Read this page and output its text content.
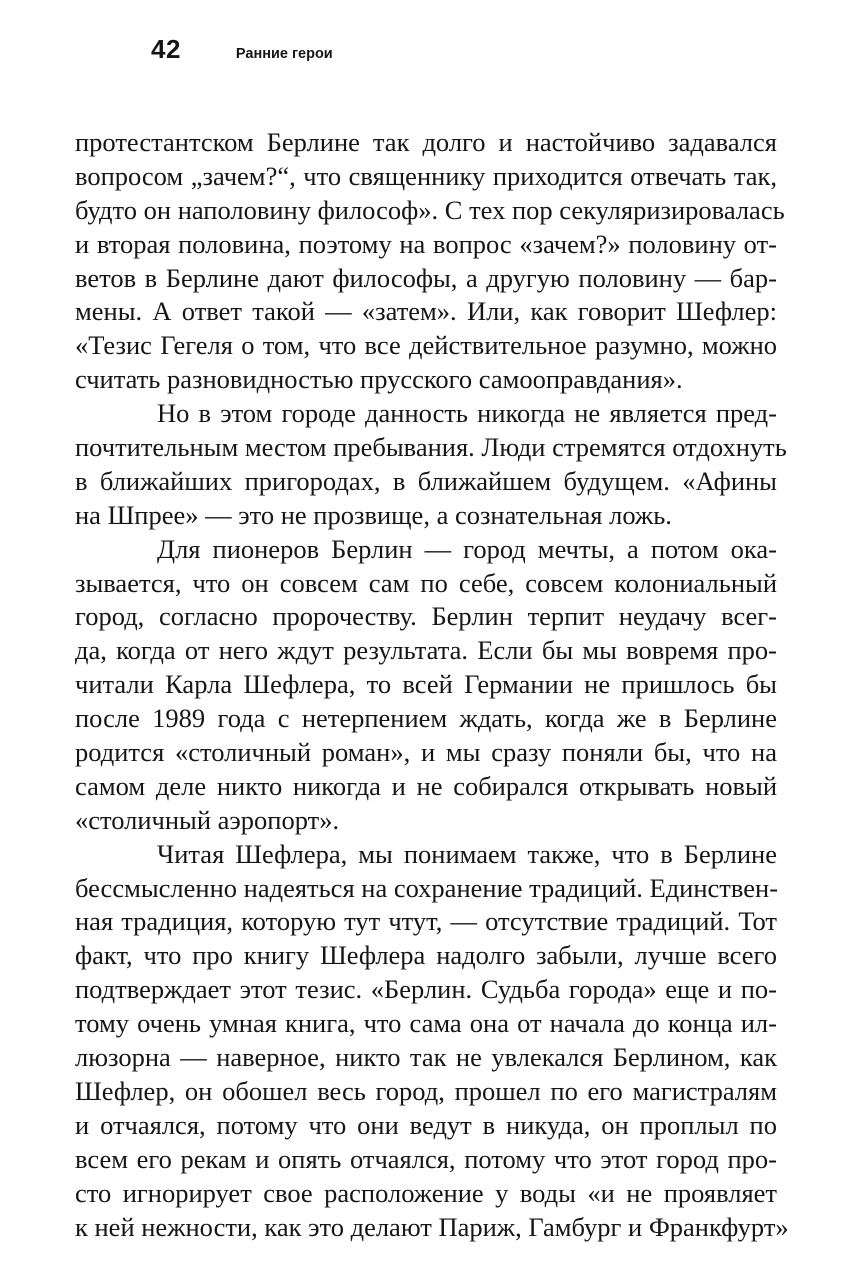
42	Ранние герои
протестантском Берлине так долго и настойчиво задавался
вопросом „зачем?“, что священнику приходится отвечать так,
будто он наполовину философ». С тех пор секуляризировалась
и вторая половина, поэтому на вопрос «зачем?» половину от-
ветов в Берлине дают философы, а другую половину — бар-
мены. А ответ такой — «затем». Или, как говорит Шефлер:
«Тезис Гегеля о том, что все действительное разумно, можно
считать разновидностью прусского самооправдания».
Но в этом городе данность никогда не является пред-
почтительным местом пребывания. Люди стремятся отдохнуть
в ближайших пригородах, в ближайшем будущем. «Афины
на Шпрее» — это не прозвище, а сознательная ложь.
Для пионеров Берлин — город мечты, а потом ока-
зывается, что он совсем сам по себе, совсем колониальный
город, согласно пророчеству. Берлин терпит неудачу всег-
да, когда от него ждут результата. Если бы мы вовремя про-
читали Карла Шефлера, то всей Германии не пришлось бы
после 1989 года с нетерпением ждать, когда же в Берлине
родится «столичный роман», и мы сразу поняли бы, что на
самом деле никто никогда и не собирался открывать новый
«столичный аэропорт».
Читая Шефлера, мы понимаем также, что в Берлине
бессмысленно надеяться на сохранение традиций. Единствен-
ная традиция, которую тут чтут, — отсутствие традиций. Тот
факт, что про книгу Шефлера надолго забыли, лучше всего
подтверждает этот тезис. «Берлин. Судьба города» еще и по-
тому очень умная книга, что сама она от начала до конца ил-
люзорна — наверное, никто так не увлекался Берлином, как
Шефлер, он обошел весь город, прошел по его магистралям
и отчаялся, потому что они ведут в никуда, он проплыл по
всем его рекам и опять отчаялся, потому что этот город про-
сто игнорирует свое расположение у воды «и не проявляет
к ней нежности, как это делают Париж, Гамбург и Франкфурт»
